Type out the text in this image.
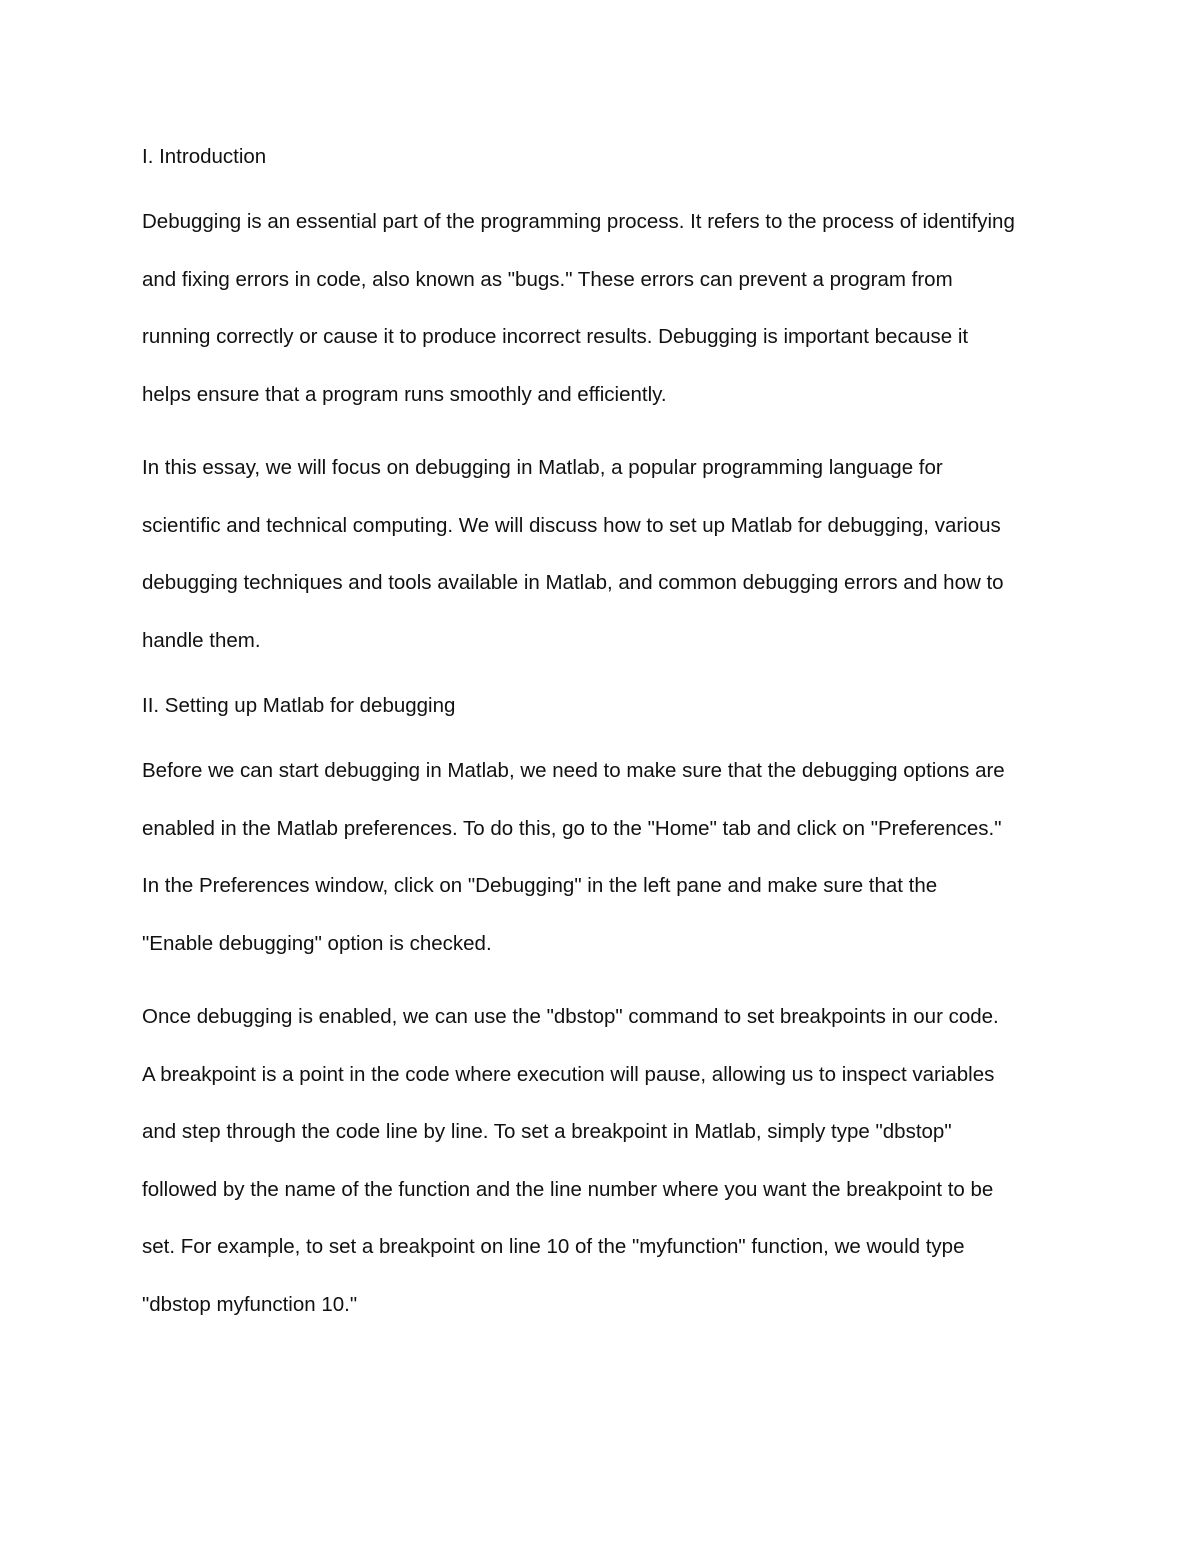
I. Introduction
Debugging is an essential part of the programming process. It refers to the process of identifying
and fixing errors in code, also known as "bugs." These errors can prevent a program from
running correctly or cause it to produce incorrect results. Debugging is important because it
helps ensure that a program runs smoothly and efficiently.
In this essay, we will focus on debugging in Matlab, a popular programming language for
scientific and technical computing. We will discuss how to set up Matlab for debugging, various
debugging techniques and tools available in Matlab, and common debugging errors and how to
handle them.
II. Setting up Matlab for debugging
Before we can start debugging in Matlab, we need to make sure that the debugging options are
enabled in the Matlab preferences. To do this, go to the "Home" tab and click on "Preferences."
In the Preferences window, click on "Debugging" in the left pane and make sure that the
"Enable debugging" option is checked.
Once debugging is enabled, we can use the "dbstop" command to set breakpoints in our code.
A breakpoint is a point in the code where execution will pause, allowing us to inspect variables
and step through the code line by line. To set a breakpoint in Matlab, simply type "dbstop"
followed by the name of the function and the line number where you want the breakpoint to be
set. For example, to set a breakpoint on line 10 of the "myfunction" function, we would type
"dbstop myfunction 10."
